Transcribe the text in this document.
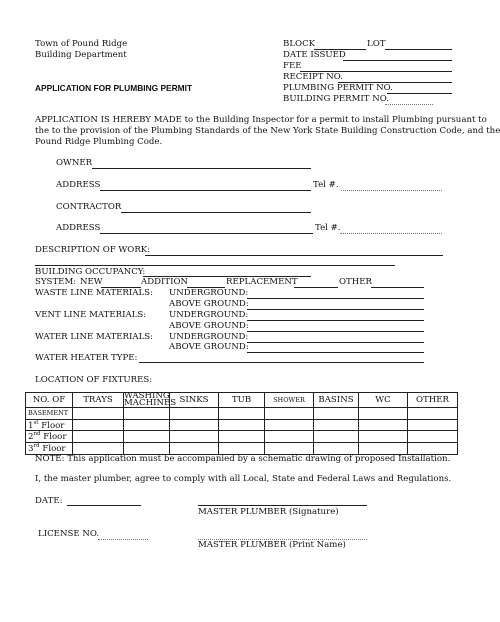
Town of Pound Ridge
Building Department
APPLICATION FOR PLUMBING PERMIT
BLOCK	LOT
DATE ISSUED
FEE
RECEIPT NO.
PLUMBING PERMIT NO.
BUILDING PERMIT NO.
APPLICATION IS HEREBY MADE to the Building Inspector for a permit to install Plumbing pursuant to
the to the provision of the Plumbing Standards of the New York State Building Construction Code, and the
Pound Ridge Plumbing Code.
OWNER
ADDRESS	Tel #.
CONTRACTOR
ADDRESS	Tel #.
DESCRIPTION OF WORK:
BUILDING OCCUPANCY:
SYSTEM: NEW	ADDITION	REPLACEMENT	OTHER
WASTE LINE MATERIALS: UNDERGROUND:
ABOVE GROUND:
VENT LINE MATERIALS:	UNDERGROUND:
ABOVE GROUND:
WATER LINE MATERIALS: UNDERGROUND:
ABOVE GROUND:
WATER HEATER TYPE:
LOCATION OF FIXTURES:
NO. OF	TRAYS	WASHING MACHINES	SINKS	TUB	SHOWER	BASINS	WC	OTHER
BASEMENT								
1st Floor								
2nd Floor								
3rd Floor								
NOTE: This application must be accompanied by a schematic drawing of proposed Installation.
I, the master plumber, agree to comply with all Local, State and Federal Laws and Regulations.
DATE:
MASTER PLUMBER (Signature)
LICENSE NO.
MASTER PLUMBER (Print Name)
